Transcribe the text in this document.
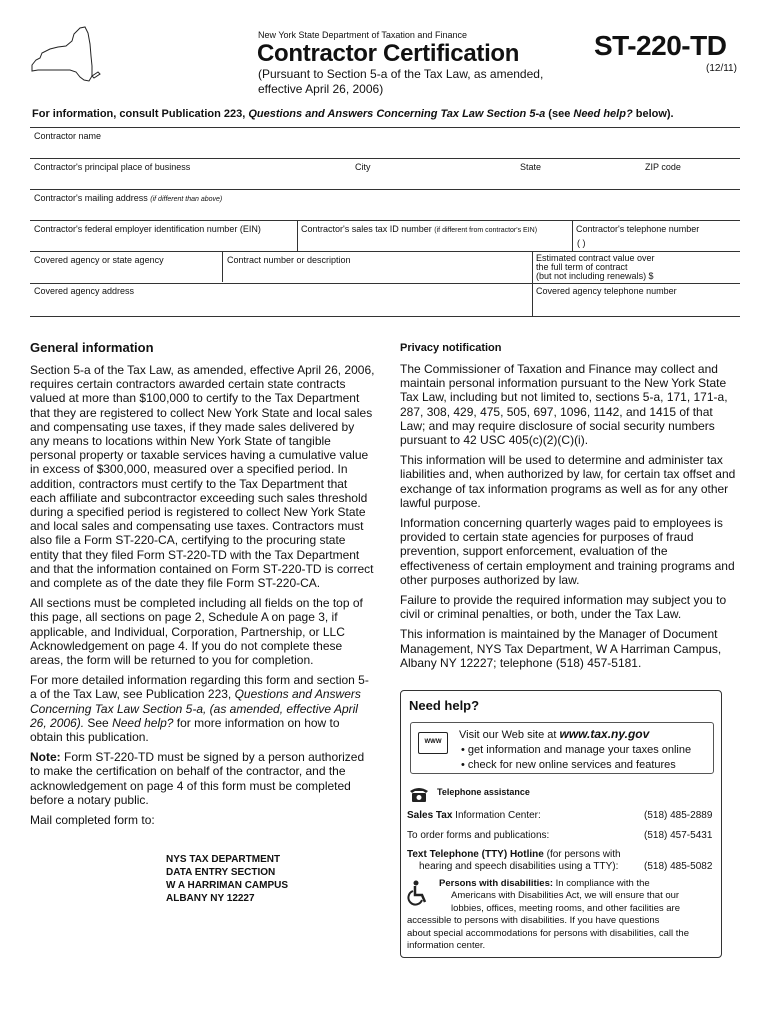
New York State Department of Taxation and Finance
Contractor Certification
(Pursuant to Section 5-a of the Tax Law, as amended,
effective April 26, 2006)
ST-220-TD
(12/11)
For information, consult Publication 223, Questions and Answers Concerning Tax Law Section 5-a (see Need help? below).
Contractor name
Contractor's principal place of business	City	State	ZIP code
Contractor's mailing address (if different than above)
Contractor's federal employer identification number (EIN)	Contractor's sales tax ID number (if different from contractor's EIN)	Contractor's telephone number
( )
Covered agency or state agency	Contract number or description	Estimated contract value over
the full term of contract
(but not including renewals) $
Covered agency address	Covered agency telephone number
General information

Section 5-a of the Tax Law, as amended, effective April 26, 2006, requires certain contractors awarded certain state contracts valued at more than $100,000 to certify to the Tax Department that they are registered to collect New York State and local sales and compensating use taxes, if they made sales delivered by any means to locations within New York State of tangible personal property or taxable services having a cumulative value in excess of $300,000, measured over a specified period. In addition, contractors must certify to the Tax Department that each affiliate and subcontractor exceeding such sales threshold during a specified period is registered to collect New York State and local sales and compensating use taxes. Contractors must also file a Form ST-220-CA, certifying to the procuring state entity that they filed Form ST-220-TD with the Tax Department and that the information contained on Form ST-220-TD is correct and complete as of the date they file Form ST-220-CA.

All sections must be completed including all fields on the top of this page, all sections on page 2, Schedule A on page 3, if applicable, and Individual, Corporation, Partnership, or LLC Acknowledgement on page 4. If you do not complete these areas, the form will be returned to you for completion.

For more detailed information regarding this form and section 5-a of the Tax Law, see Publication 223, Questions and Answers Concerning Tax Law Section 5-a, (as amended, effective April 26, 2006). See Need help? for more information on how to obtain this publication.

Note: Form ST-220-TD must be signed by a person authorized to make the certification on behalf of the contractor, and the acknowledgement on page 4 of this form must be completed before a notary public.

Mail completed form to:

NYS TAX DEPARTMENT
DATA ENTRY SECTION
W A HARRIMAN CAMPUS
ALBANY NY 12227
Privacy notification

The Commissioner of Taxation and Finance may collect and maintain personal information pursuant to the New York State Tax Law, including but not limited to, sections 5-a, 171, 171-a, 287, 308, 429, 475, 505, 697, 1096, 1142, and 1415 of that Law; and may require disclosure of social security numbers pursuant to 42 USC 405(c)(2)(C)(i).

This information will be used to determine and administer tax liabilities and, when authorized by law, for certain tax offset and exchange of tax information programs as well as for any other lawful purpose.

Information concerning quarterly wages paid to employees is provided to certain state agencies for purposes of fraud prevention, support enforcement, evaluation of the effectiveness of certain employment and training programs and other purposes authorized by law.

Failure to provide the required information may subject you to civil or criminal penalties, or both, under the Tax Law.

This information is maintained by the Manager of Document Management, NYS Tax Department, W A Harriman Campus, Albany NY 12227; telephone (518) 457-5181.

Need help?
WWW
Visit our Web site at www.tax.ny.gov
• get information and manage your taxes online
• check for new online services and features
Telephone assistance
Sales Tax Information Center:	(518) 485-2889
To order forms and publications:	(518) 457-5431
Text Telephone (TTY) Hotline (for persons with
hearing and speech disabilities using a TTY):	(518) 485-5082
Persons with disabilities: In compliance with the
Americans with Disabilities Act, we will ensure that our
lobbies, offices, meeting rooms, and other facilities are
accessible to persons with disabilities. If you have questions
about special accommodations for persons with disabilities, call the
information center.
